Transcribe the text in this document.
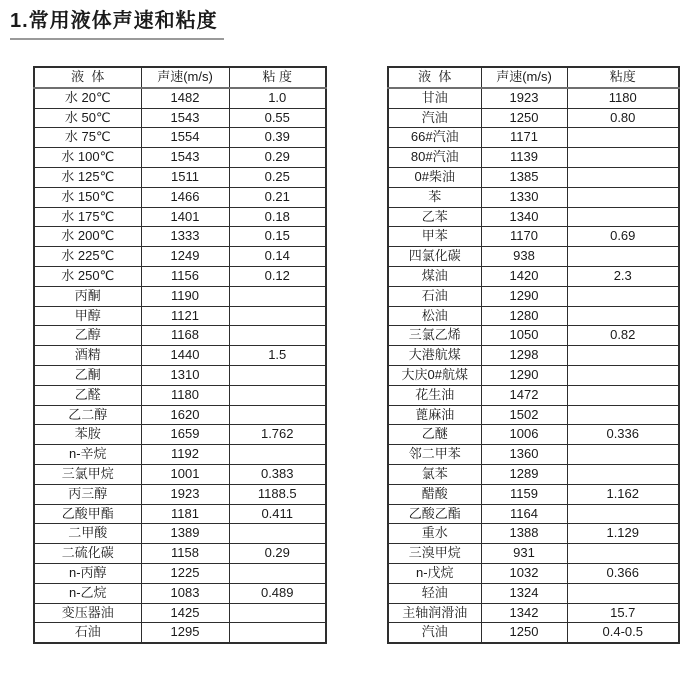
1.常用液体声速和粘度
液  体	声速(m/s)	粘 度
水 20℃	1482	1.0
水 50℃	1543	0.55
水 75℃	1554	0.39
水 100℃	1543	0.29
水 125℃	1511	0.25
水 150℃	1466	0.21
水 175℃	1401	0.18
水 200℃	1333	0.15
水 225℃	1249	0.14
水 250℃	1156	0.12
丙酮	1190	
甲醇	1121	
乙醇	1168	
酒精	1440	1.5
乙酮	1310	
乙醛	1180	
乙二醇	1620	
苯胺	1659	1.762
n-辛烷	1192	
三氯甲烷	1001	0.383
丙三醇	1923	1188.5
乙酸甲酯	1181	0.411
二甲酸	1389	
二硫化碳	1158	0.29
n-丙醇	1225	
n-乙烷	1083	0.489
变压器油	1425	
石油	1295	
液  体	声速(m/s)	粘度
甘油	1923	1180
汽油	1250	0.80
66#汽油	1171	
80#汽油	1139	
0#柴油	1385	
苯	1330	
乙苯	1340	
甲苯	1170	0.69
四氯化碳	938	
煤油	1420	2.3
石油	1290	
松油	1280	
三氯乙烯	1050	0.82
大港航煤	1298	
大庆0#航煤	1290	
花生油	1472	
蓖麻油	1502	
乙醚	1006	0.336
邻二甲苯	1360	
氯苯	1289	
醋酸	1159	1.162
乙酸乙酯	1164	
重水	1388	1.129
三溴甲烷	931	
n-戊烷	1032	0.366
轻油	1324	
主轴润滑油	1342	15.7
汽油	1250	0.4-0.5
